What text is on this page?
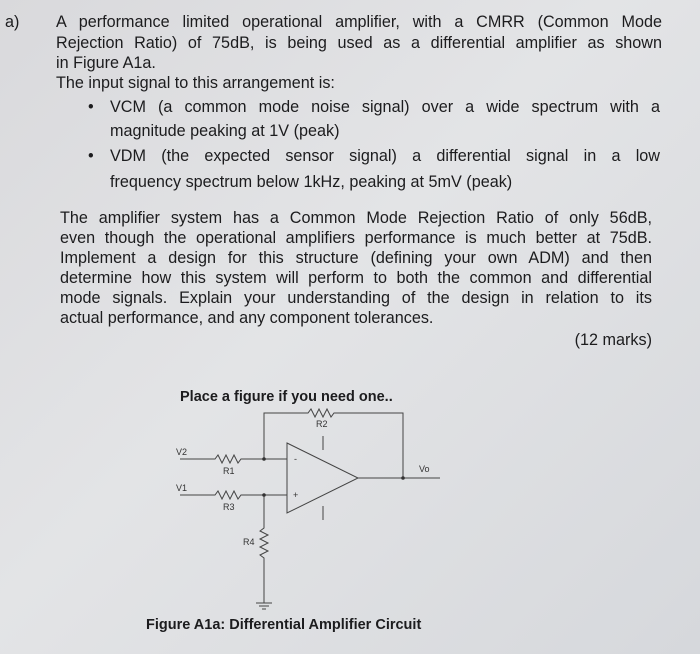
a) A performance limited operational amplifier, with a CMRR (Common Mode
Rejection Ratio) of 75dB, is being used as a differential amplifier as shown
in Figure A1a.
The input signal to this arrangement is:
• VCM (a common mode noise signal) over a wide spectrum with a
magnitude peaking at 1V (peak)
• VDM (the expected sensor signal) a differential signal in a low
frequency spectrum below 1kHz, peaking at 5mV (peak)
The amplifier system has a Common Mode Rejection Ratio of only 56dB,
even though the operational amplifiers performance is much better at 75dB.
Implement a design for this structure (defining your own ADM) and then
determine how this system will perform to both the common and differential
mode signals. Explain your understanding of the design in relation to its
actual performance, and any component tolerances.
(12 marks)
Place a figure if you need one..
V2
V1
R1
R2
R3
R4
Vo
-
+
Figure A1a: Differential Amplifier Circuit
